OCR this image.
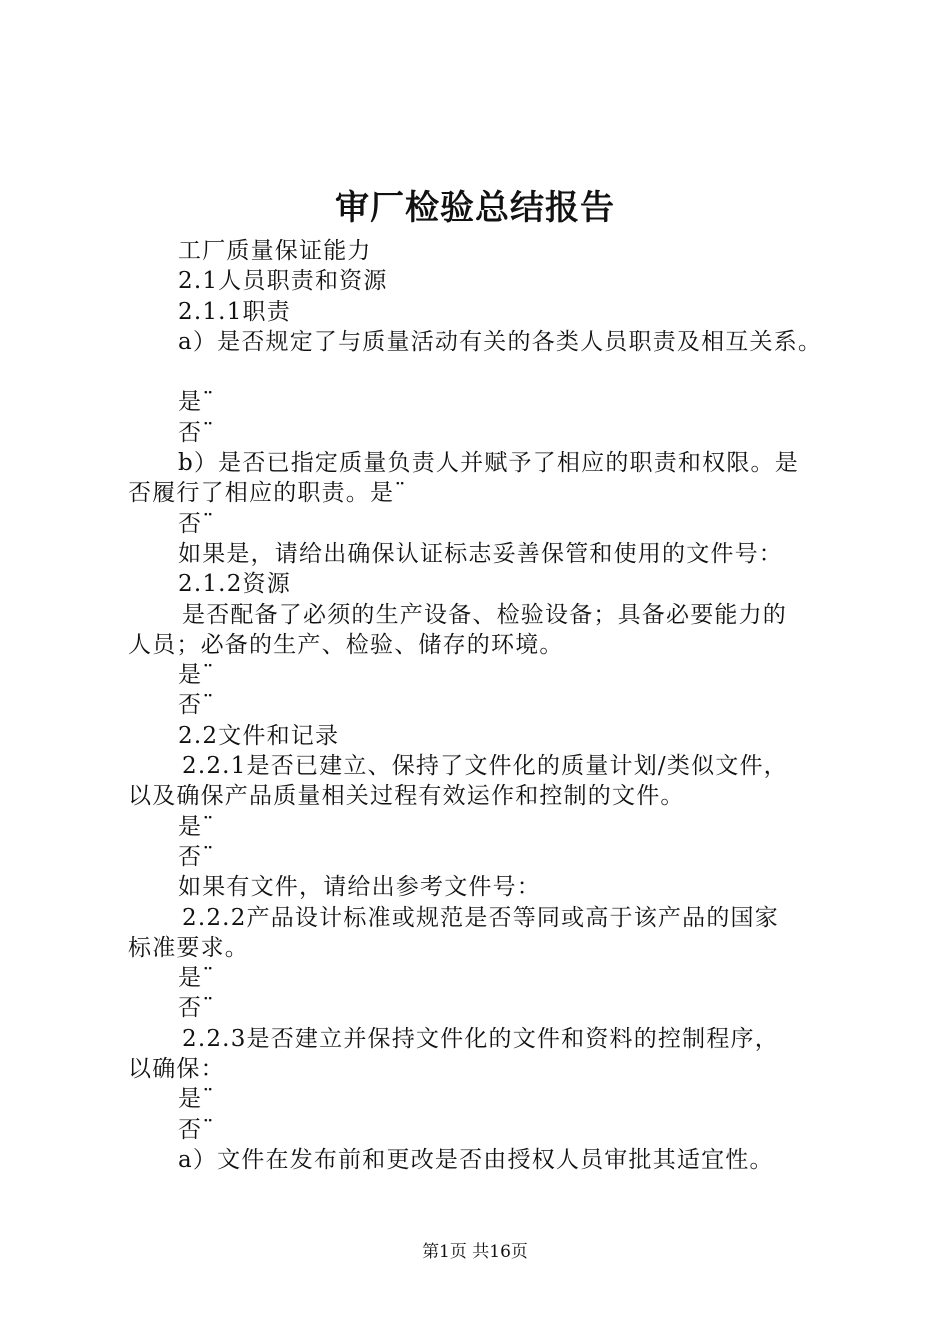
审厂检验总结报告
工厂质量保证能力
2.1人员职责和资源
2.1.1职责
a）是否规定了与质量活动有关的各类人员职责及相互关系。
是¨
否¨
b）是否已指定质量负责人并赋予了相应的职责和权限。是
否履行了相应的职责。是¨
否¨
如果是，请给出确保认证标志妥善保管和使用的文件号：
2.1.2资源
是否配备了必须的生产设备、检验设备；具备必要能力的
人员；必备的生产、检验、储存的环境。
是¨
否¨
2.2文件和记录
2.2.1是否已建立、保持了文件化的质量计划/类似文件，
以及确保产品质量相关过程有效运作和控制的文件。
是¨
否¨
如果有文件，请给出参考文件号：
2.2.2产品设计标准或规范是否等同或高于该产品的国家
标准要求。
是¨
否¨
2.2.3是否建立并保持文件化的文件和资料的控制程序，
以确保：
是¨
否¨
a）文件在发布前和更改是否由授权人员审批其适宜性。
第1页 共16页
